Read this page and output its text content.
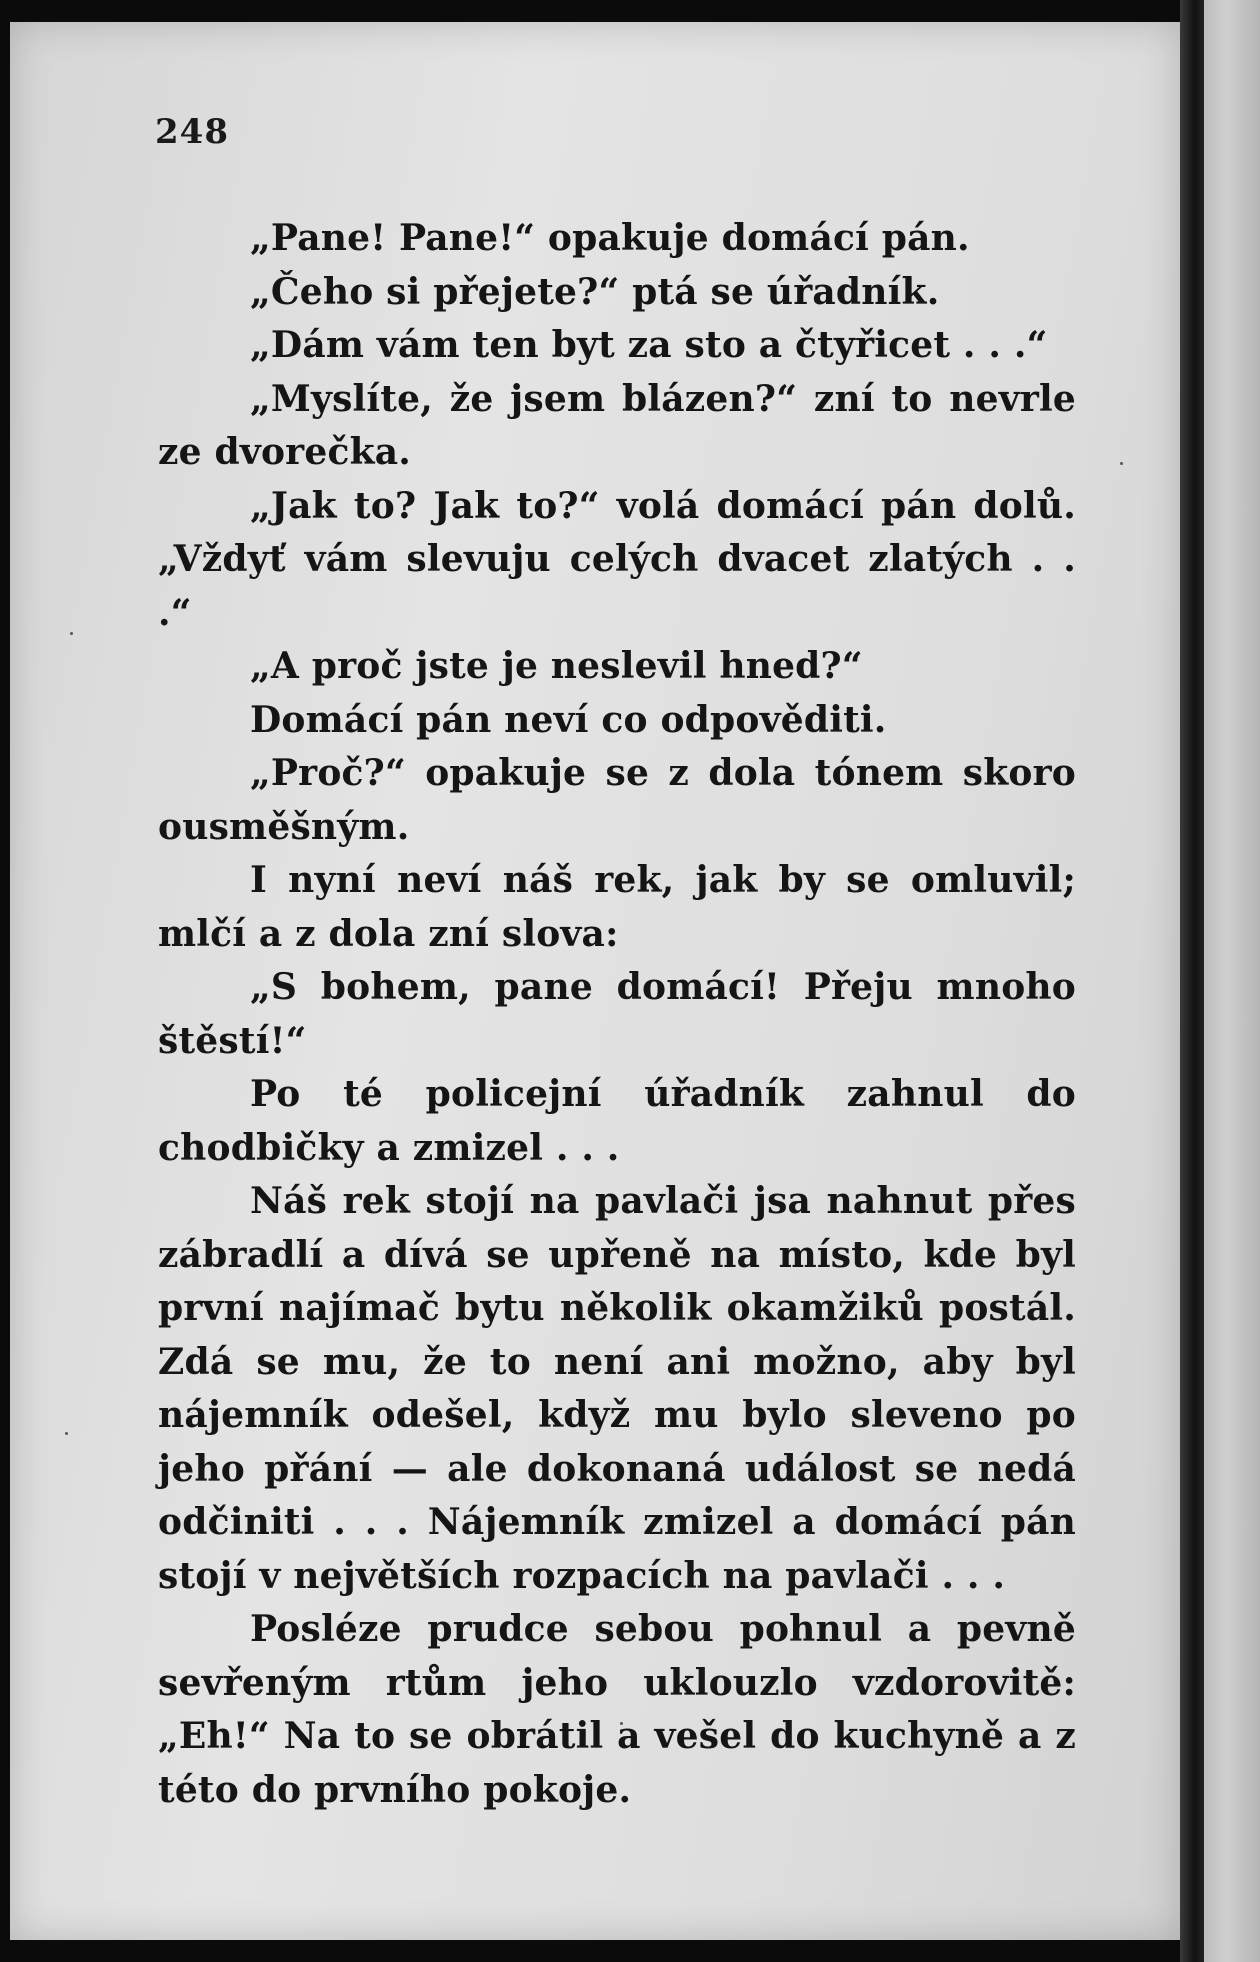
248

„Pane! Pane!“ opakuje domácí pán.

„Čeho si přejete?“ ptá se úřadník.

„Dám vám ten byt za sto a čtyřicet . . .“

„Myslíte, že jsem blázen?“ zní to nevrle ze dvorečka.

„Jak to? Jak to?“ volá domácí pán dolů. „Vždyť vám slevuju celých dvacet zlatých . . .“

„A proč jste je neslevil hned?“

Domácí pán neví co odpověditi.

„Proč?“ opakuje se z dola tónem skoro ousměšným.

I nyní neví náš rek, jak by se omluvil; mlčí a z dola zní slova:

„S bohem, pane domácí! Přeju mnoho štěstí!“

Po té policejní úřadník zahnul do chodbičky a zmizel . . .

Náš rek stojí na pavlači jsa nahnut přes zábradlí a dívá se upřeně na místo, kde byl první najímač bytu několik okamžiků postál. Zdá se mu, že to není ani možno, aby byl nájemník odešel, když mu bylo sleveno po jeho přání — ale dokonaná událost se nedá odčiniti . . . Nájemník zmizel a domácí pán stojí v největších rozpacích na pavlači . . .

Posléze prudce sebou pohnul a pevně sevřeným rtům jeho uklouzlo vzdorovitě: „Eh!“ Na to se obrátil a vešel do kuchyně a z této do prvního pokoje.
